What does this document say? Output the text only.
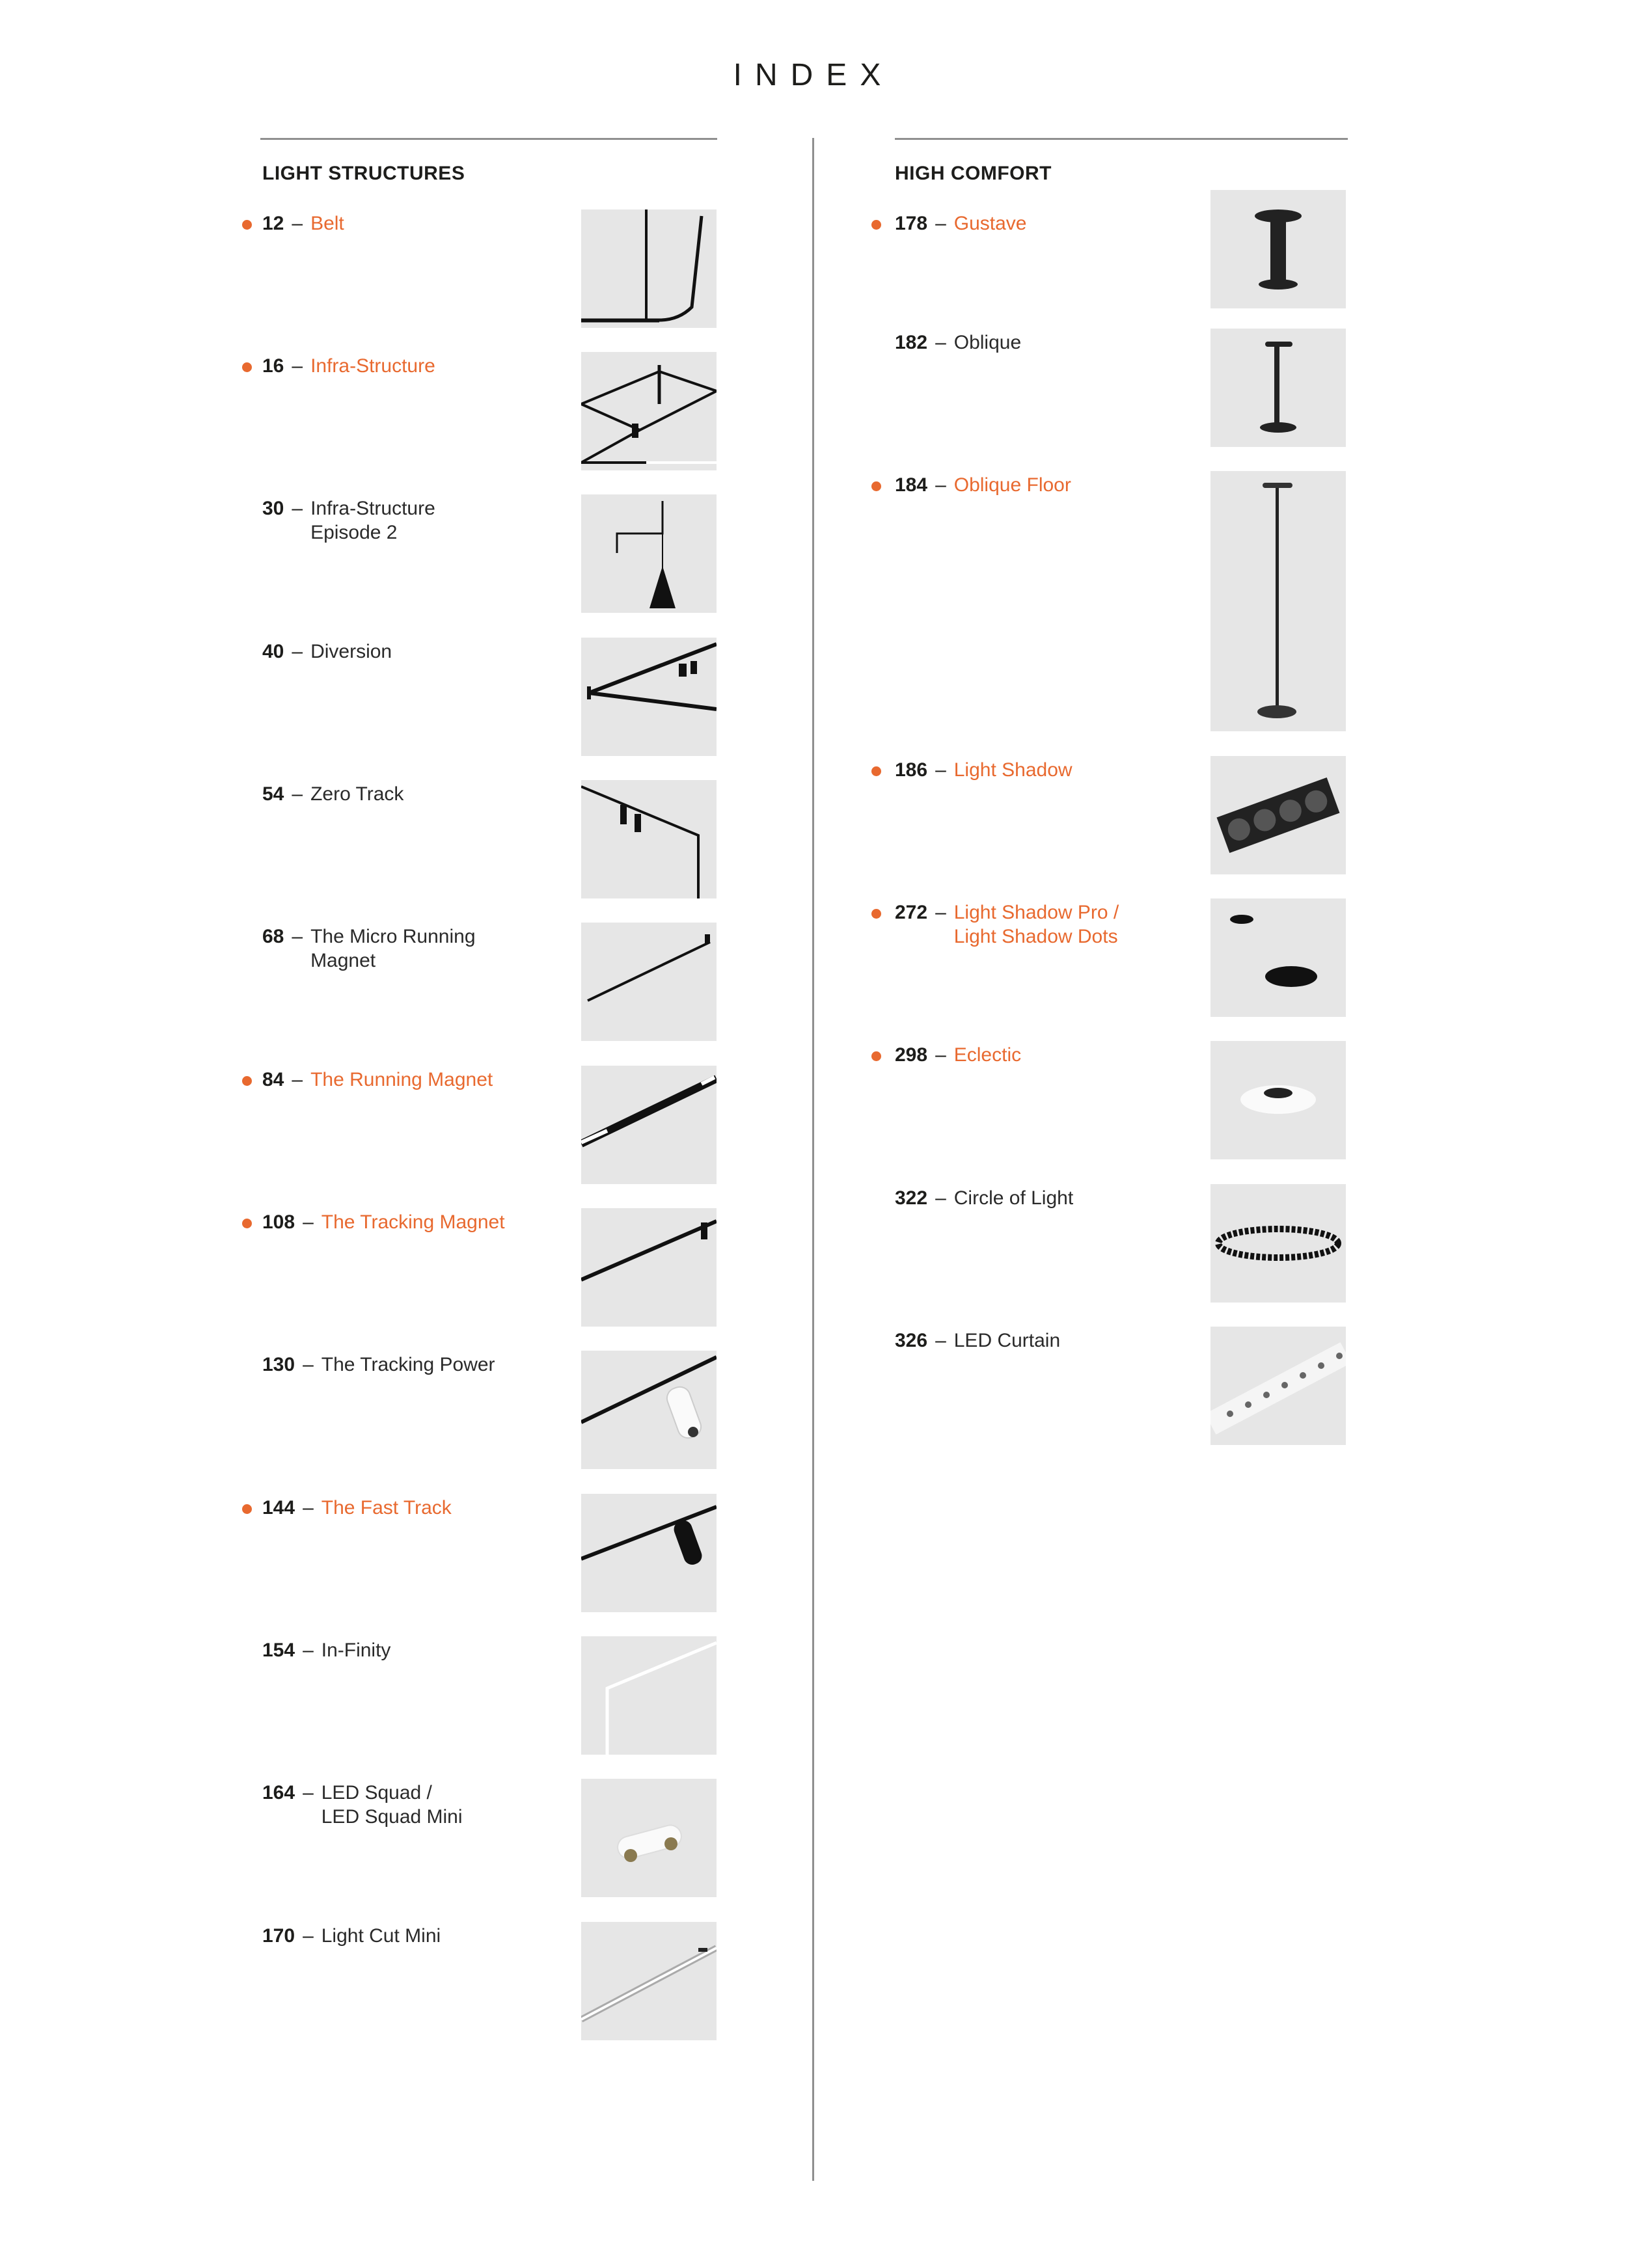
INDEX
LIGHT STRUCTURES	HIGH COMFORT
12 – Belt
16 – Infra-Structure
30 – Infra-Structure
Episode 2
40 – Diversion
54 – Zero Track
68 – The Micro Running
Magnet
84 – The Running Magnet
108 – The Tracking Magnet
130 – The Tracking Power
144 – The Fast Track
154 – In-Finity
164 – LED Squad /
LED Squad Mini
170 – Light Cut Mini
178 – Gustave
182 – Oblique
184 – Oblique Floor
186 – Light Shadow
272 – Light Shadow Pro /
Light Shadow Dots
298 – Eclectic
322 – Circle of Light
326 – LED Curtain
